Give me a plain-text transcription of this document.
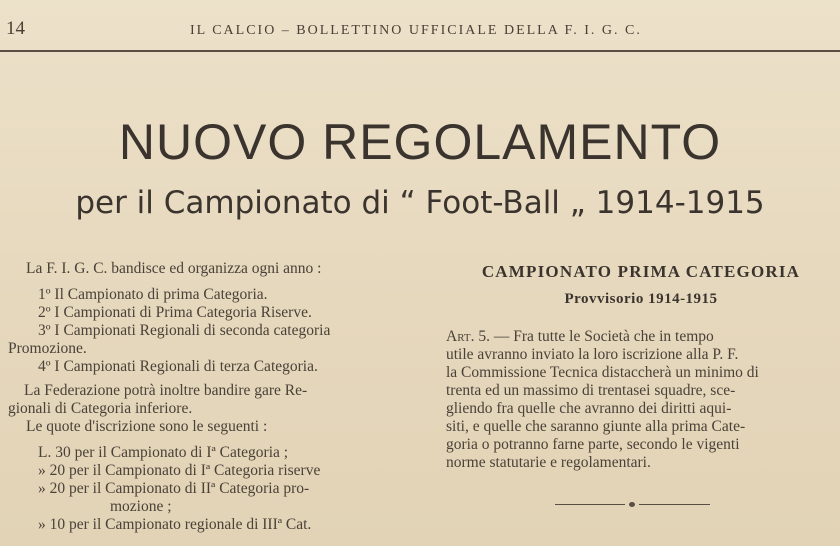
14	IL CALCIO – BOLLETTINO UFFICIALE DELLA F. I. G. C.
NUOVO REGOLAMENTO
per il Campionato di “ Foot-Ball „ 1914-1915

La F. I. G. C. bandisce ed organizza ogni anno :

1º Il Campionato di prima Categoria.

2º I Campionati di Prima Categoria Riserve.

3º I Campionati Regionali di seconda categoria

Promozione.

4º I Campionati Regionali di terza Categoria.

La Federazione potrà inoltre bandire gare Re-

gionali di Categoria inferiore.

Le quote d'iscrizione sono le seguenti :

L. 30 per il Campionato di Iª Categoria ;

» 20 per il Campionato di Iª Categoria riserve

» 20 per il Campionato di IIª Categoria pro-

mozione ;

» 10 per il Campionato regionale di IIIª Cat.

CAMPIONATO PRIMA CATEGORIA
Provvisorio 1914-1915
Art. 5. — Fra tutte le Società che in tempo
utile avranno inviato la loro iscrizione alla P. F.
la Commissione Tecnica distaccherà un minimo di
trenta ed un massimo di trentasei squadre, sce-
gliendo fra quelle che avranno dei diritti aqui-
siti, e quelle che saranno giunte alla prima Cate-
goria o potranno farne parte, secondo le vigenti
norme statutarie e regolamentari.
